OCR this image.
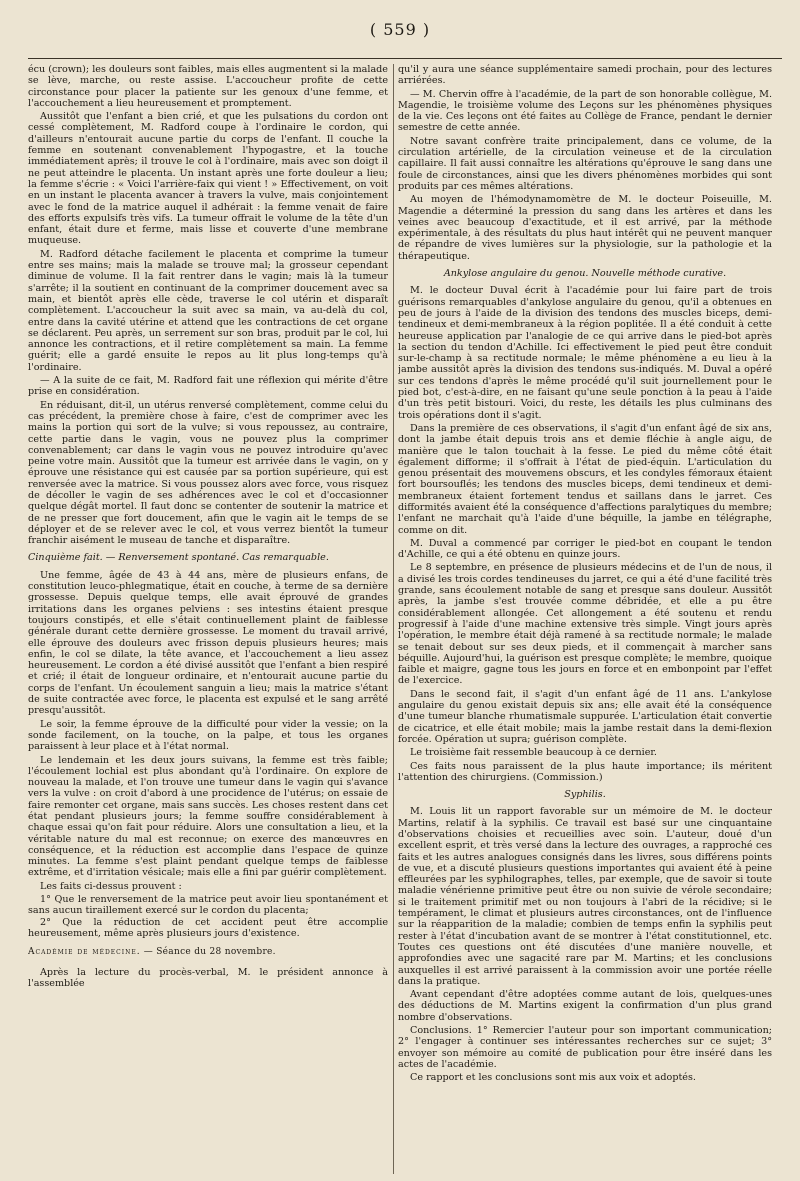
( 559 )

écu (crown); les douleurs sont faibles, mais elles augmentent si la malade se lève, marche, ou reste assise. L'accoucheur profite de cette circonstance pour placer la patiente sur les genoux d'une femme, et l'accouchement a lieu heureusement et promptement.

Aussitôt que l'enfant a bien crié, et que les pulsations du cordon ont cessé complètement, M. Radford coupe à l'ordinaire le cordon, qui d'ailleurs n'entourait aucune partie du corps de l'enfant. Il couche la femme en soutenant convenablement l'hypogastre, et la touche immédiatement après; il trouve le col à l'ordinaire, mais avec son doigt il ne peut atteindre le placenta. Un instant après une forte douleur a lieu; la femme s'écrie : « Voici l'arrière-faix qui vient ! » Effectivement, on voit en un instant le placenta avancer à travers la vulve, mais conjointement avec le fond de la matrice auquel il adhérait : la femme venait de faire des efforts expulsifs très vifs. La tumeur offrait le volume de la tête d'un enfant, était dure et ferme, mais lisse et couverte d'une membrane muqueuse.

M. Radford détache facilement le placenta et comprime la tumeur entre ses mains; mais la malade se trouve mal; la grosseur cependant diminue de volume. Il la fait rentrer dans le vagin; mais là la tumeur s'arrête; il la soutient en continuant de la comprimer doucement avec sa main, et bientôt après elle cède, traverse le col utérin et disparaît complètement. L'accoucheur la suit avec sa main, va au-delà du col, entre dans la cavité utérine et attend que les contractions de cet organe se déclarent. Peu après, un serrement sur son bras, produit par le col, lui annonce les contractions, et il retire complètement sa main. La femme guérit; elle a gardé ensuite le repos au lit plus long-temps qu'à l'ordinaire.

— A la suite de ce fait, M. Radford fait une réflexion qui mérite d'être prise en considération.

En réduisant, dit-il, un utérus renversé complètement, comme celui du cas précédent, la première chose à faire, c'est de comprimer avec les mains la portion qui sort de la vulve; si vous repoussez, au contraire, cette partie dans le vagin, vous ne pouvez plus la comprimer convenablement; car dans le vagin vous ne pouvez introduire qu'avec peine votre main. Aussitôt que la tumeur est arrivée dans le vagin, on y éprouve une résistance qui est causée par sa portion supérieure, qui est renversée avec la matrice. Si vous poussez alors avec force, vous risquez de décoller le vagin de ses adhérences avec le col et d'occasionner quelque dégât mortel. Il faut donc se contenter de soutenir la matrice et de ne presser que fort doucement, afin que le vagin ait le temps de se déployer et de se relever avec le col, et vous verrez bientôt la tumeur franchir aisément le museau de tanche et disparaître.

Cinquième fait. — Renversement spontané. Cas remarquable.

Une femme, âgée de 43 à 44 ans, mère de plusieurs enfans, de constitution leuco-phlegmatique, était en couche, à terme de sa dernière grossesse. Depuis quelque temps, elle avait éprouvé de grandes irritations dans les organes pelviens : ses intestins étaient presque toujours constipés, et elle s'était continuellement plaint de faiblesse générale durant cette dernière grossesse. Le moment du travail arrivé, elle éprouve des douleurs avec frisson depuis plusieurs heures; mais enfin, le col se dilate, la tête avance, et l'accouchement a lieu assez heureusement. Le cordon a été divisé aussitôt que l'enfant a bien respiré et crié; il était de longueur ordinaire, et n'entourait aucune partie du corps de l'enfant. Un écoulement sanguin a lieu; mais la matrice s'étant de suite contractée avec force, le placenta est expulsé et le sang arrêté presqu'aussitôt.

Le soir, la femme éprouve de la difficulté pour vider la vessie; on la sonde facilement, on la touche, on la palpe, et tous les organes paraissent à leur place et à l'état normal.

Le lendemain et les deux jours suivans, la femme est très faible; l'écoulement lochial est plus abondant qu'à l'ordinaire. On explore de nouveau la malade, et l'on trouve une tumeur dans le vagin qui s'avance vers la vulve : on croit d'abord à une procidence de l'utérus; on essaie de faire remonter cet organe, mais sans succès. Les choses restent dans cet état pendant plusieurs jours; la femme souffre considérablement à chaque essai qu'on fait pour réduire. Alors une consultation a lieu, et la véritable nature du mal est reconnue; on exerce des manœuvres en conséquence, et la réduction est accomplie dans l'espace de quinze minutes. La femme s'est plaint pendant quelque temps de faiblesse extrême, et d'irritation vésicale; mais elle a fini par guérir complètement.

Les faits ci-dessus prouvent :

1° Que le renversement de la matrice peut avoir lieu spontanément et sans aucun tiraillement exercé sur le cordon du placenta;
2° Que la réduction de cet accident peut être accomplie heureusement, même après plusieurs jours d'existence.
Académie de médecine. — Séance du 28 novembre.

Après la lecture du procès-verbal, M. le président annonce à l'assemblée

qu'il y aura une séance supplémentaire samedi prochain, pour des lectures arriérées.

— M. Chervin offre à l'académie, de la part de son honorable collègue, M. Magendie, le troisième volume des Leçons sur les phénomènes physiques de la vie. Ces leçons ont été faites au Collège de France, pendant le dernier semestre de cette année.

Notre savant confrère traite principalement, dans ce volume, de la circulation artérielle, de la circulation veineuse et de la circulation capillaire. Il fait aussi connaître les altérations qu'éprouve le sang dans une foule de circonstances, ainsi que les divers phénomènes morbides qui sont produits par ces mêmes altérations.

Au moyen de l'hémodynamomètre de M. le docteur Poiseuille, M. Magendie a déterminé la pression du sang dans les artères et dans les veines avec beaucoup d'exactitude, et il est arrivé, par la méthode expérimentale, à des résultats du plus haut intérêt qui ne peuvent manquer de répandre de vives lumières sur la physiologie, sur la pathologie et la thérapeutique.

Ankylose angulaire du genou. Nouvelle méthode curative.

M. le docteur Duval écrit à l'académie pour lui faire part de trois guérisons remarquables d'ankylose angulaire du genou, qu'il a obtenues en peu de jours à l'aide de la division des tendons des muscles biceps, demi-tendineux et demi-membraneux à la région poplitée. Il a été conduit à cette heureuse application par l'analogie de ce qui arrive dans le pied-bot après la section du tendon d'Achille. Ici effectivement le pied peut être conduit sur-le-champ à sa rectitude normale; le même phénomène a eu lieu à la jambe aussitôt après la division des tendons sus-indiqués. M. Duval a opéré sur ces tendons d'après le même procédé qu'il suit journellement pour le pied bot, c'est-à-dire, en ne faisant qu'une seule ponction à la peau à l'aide d'un très petit bistouri. Voici, du reste, les détails les plus culminans des trois opérations dont il s'agit.

Dans la première de ces observations, il s'agit d'un enfant âgé de six ans, dont la jambe était depuis trois ans et demie fléchie à angle aigu, de manière que le talon touchait à la fesse. Le pied du même côté était également difforme; il s'offrait à l'état de pied-équin. L'articulation du genou présentait des mouvemens obscurs, et les condyles fémoraux étaient fort boursouflés; les tendons des muscles biceps, demi tendineux et demi-membraneux étaient fortement tendus et saillans dans le jarret. Ces difformités avaient été la conséquence d'affections paralytiques du membre; l'enfant ne marchait qu'à l'aide d'une béquille, la jambe en télégraphe, comme on dit.

M. Duval a commencé par corriger le pied-bot en coupant le tendon d'Achille, ce qui a été obtenu en quinze jours.

Le 8 septembre, en présence de plusieurs médecins et de l'un de nous, il a divisé les trois cordes tendineuses du jarret, ce qui a été d'une facilité très grande, sans écoulement notable de sang et presque sans douleur. Aussitôt après, la jambe s'est trouvée comme débridée, et elle a pu être considérablement allongée. Cet allongement a été soutenu et rendu progressif à l'aide d'une machine extensive très simple. Vingt jours après l'opération, le membre était déjà ramené à sa rectitude normale; le malade se tenait debout sur ses deux pieds, et il commençait à marcher sans béquille. Aujourd'hui, la guérison est presque complète; le membre, quoique faible et maigre, gagne tous les jours en force et en embonpoint par l'effet de l'exercice.

Dans le second fait, il s'agit d'un enfant âgé de 11 ans. L'ankylose angulaire du genou existait depuis six ans; elle avait été la conséquence d'une tumeur blanche rhumatismale suppurée. L'articulation était convertie de cicatrice, et elle était mobile; mais la jambe restait dans la demi-flexion forcée. Opération ut supra; guérison complète.

Le troisième fait ressemble beaucoup à ce dernier.

Ces faits nous paraissent de la plus haute importance; ils méritent l'attention des chirurgiens. (Commission.)

Syphilis.

M. Louis lit un rapport favorable sur un mémoire de M. le docteur Martins, relatif à la syphilis. Ce travail est basé sur une cinquantaine d'observations choisies et recueillies avec soin. L'auteur, doué d'un excellent esprit, et très versé dans la lecture des ouvrages, a rapproché ces faits et les autres analogues consignés dans les livres, sous différens points de vue, et a discuté plusieurs questions importantes qui avaient été à peine effleurées par les syphilographes, telles, par exemple, que de savoir si toute maladie vénérienne primitive peut être ou non suivie de vérole secondaire; si le traitement primitif met ou non toujours à l'abri de la récidive; si le tempérament, le climat et plusieurs autres circonstances, ont de l'influence sur la réapparition de la maladie; combien de temps enfin la syphilis peut rester à l'état d'incubation avant de se montrer à l'état constitutionnel, etc. Toutes ces questions ont été discutées d'une manière nouvelle, et approfondies avec une sagacité rare par M. Martins; et les conclusions auxquelles il est arrivé paraissent à la commission avoir une portée réelle dans la pratique.

Avant cependant d'être adoptées comme autant de lois, quelques-unes des déductions de M. Martins exigent la confirmation d'un plus grand nombre d'observations.

Conclusions. 1° Remercier l'auteur pour son important communication; 2° l'engager à continuer ses intéressantes recherches sur ce sujet; 3° envoyer son mémoire au comité de publication pour être inséré dans les actes de l'académie.

Ce rapport et les conclusions sont mis aux voix et adoptés.
